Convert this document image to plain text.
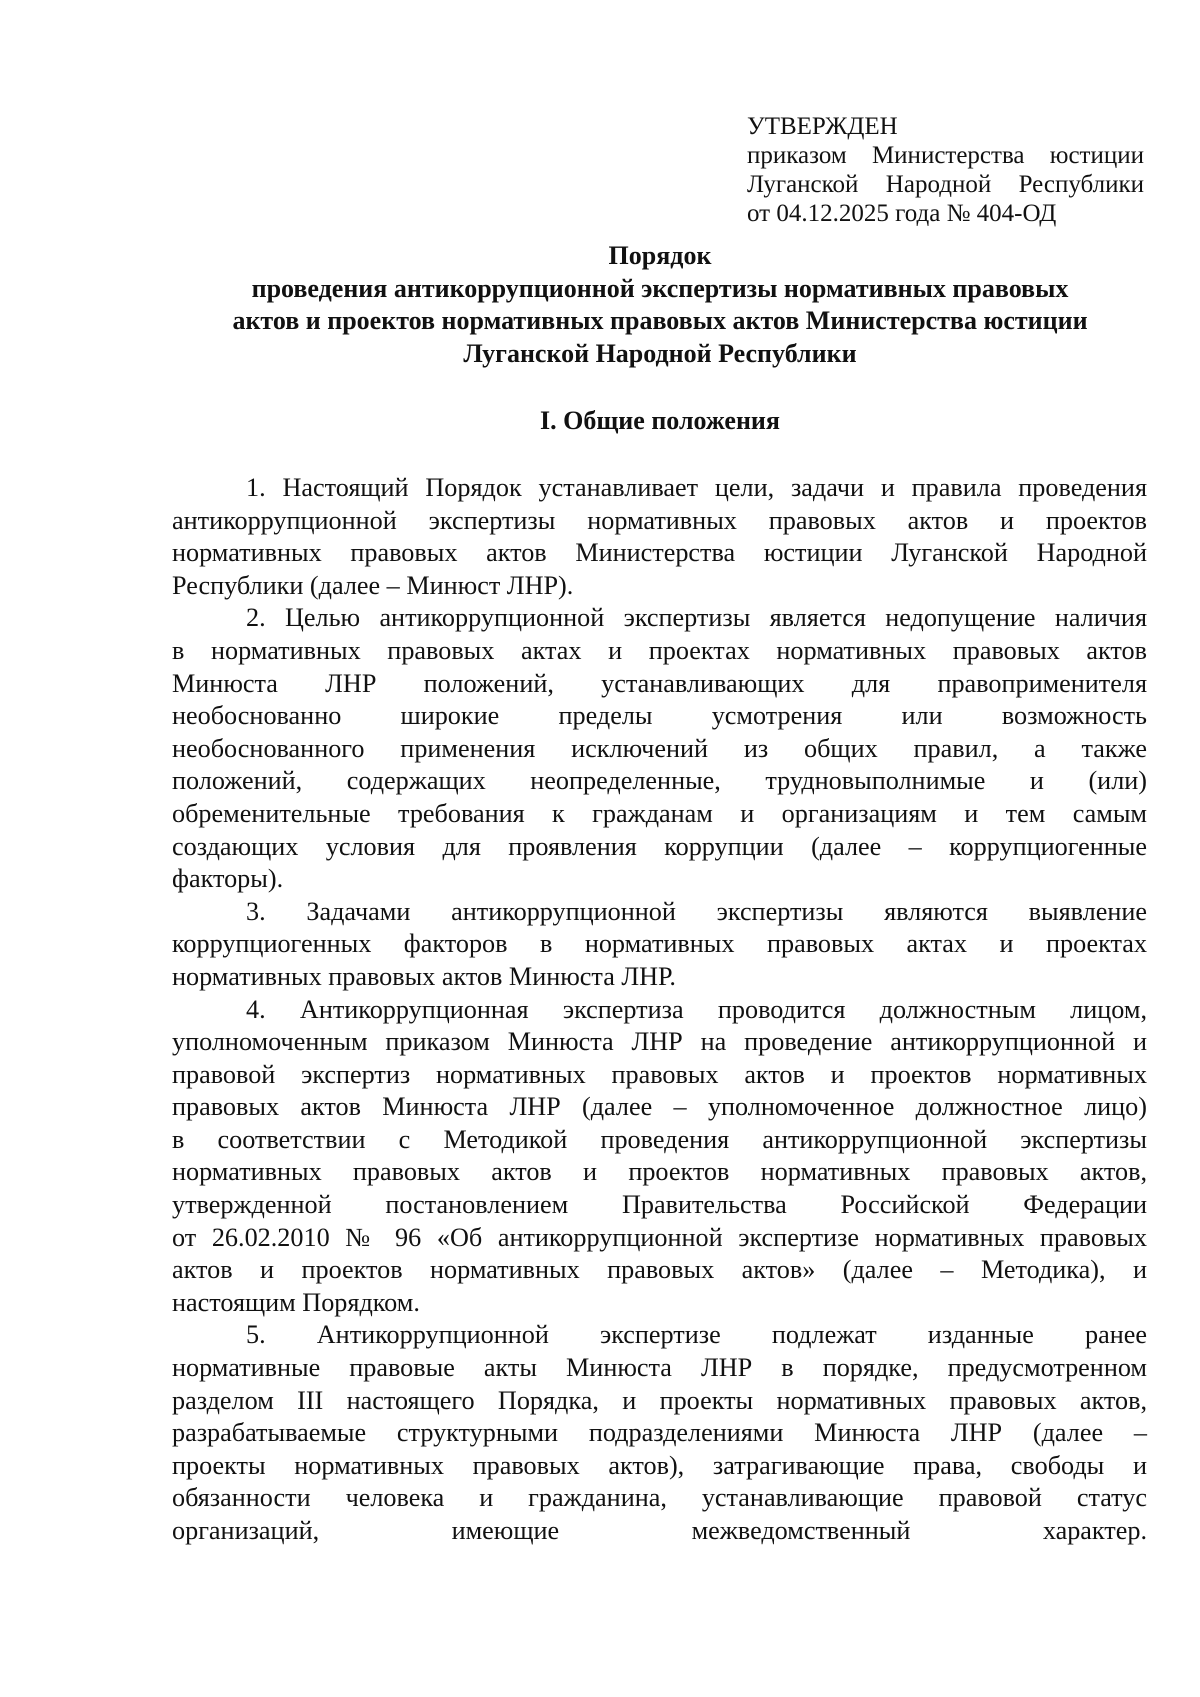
УТВЕРЖДЕН
приказом Министерства юстиции
Луганской Народной Республики
от 04.12.2025 года № 404-ОД
Порядок
проведения антикоррупционной экспертизы нормативных правовых
актов и проектов нормативных правовых актов Министерства юстиции
Луганской Народной Республики
I. Общие положения
1. Настоящий Порядок устанавливает цели, задачи и правила проведения
антикоррупционной экспертизы нормативных правовых актов и проектов
нормативных правовых актов Министерства юстиции Луганской Народной
Республики (далее – Минюст ЛНР).
2. Целью антикоррупционной экспертизы является недопущение наличия
в нормативных правовых актах и проектах нормативных правовых актов
Минюста ЛНР положений, устанавливающих для правоприменителя
необоснованно широкие пределы усмотрения или возможность
необоснованного применения исключений из общих правил, а также
положений, содержащих неопределенные, трудновыполнимые и (или)
обременительные требования к гражданам и организациям и тем самым
создающих условия для проявления коррупции (далее – коррупциогенные
факторы).
3. Задачами антикоррупционной экспертизы являются выявление
коррупциогенных факторов в нормативных правовых актах и проектах
нормативных правовых актов Минюста ЛНР.
4. Антикоррупционная экспертиза проводится должностным лицом,
уполномоченным приказом Минюста ЛНР на проведение антикоррупционной и
правовой экспертиз нормативных правовых актов и проектов нормативных
правовых актов Минюста ЛНР (далее – уполномоченное должностное лицо)
в соответствии с Методикой проведения антикоррупционной экспертизы
нормативных правовых актов и проектов нормативных правовых актов,
утвержденной постановлением Правительства Российской Федерации
от 26.02.2010 № 96 «Об антикоррупционной экспертизе нормативных правовых
актов и проектов нормативных правовых актов» (далее – Методика), и
настоящим Порядком.
5. Антикоррупционной экспертизе подлежат изданные ранее
нормативные правовые акты Минюста ЛНР в порядке, предусмотренном
разделом III настоящего Порядка, и проекты нормативных правовых актов,
разрабатываемые структурными подразделениями Минюста ЛНР (далее –
проекты нормативных правовых актов), затрагивающие права, свободы и
обязанности человека и гражданина, устанавливающие правовой статус
организаций, имеющие межведомственный характер.
